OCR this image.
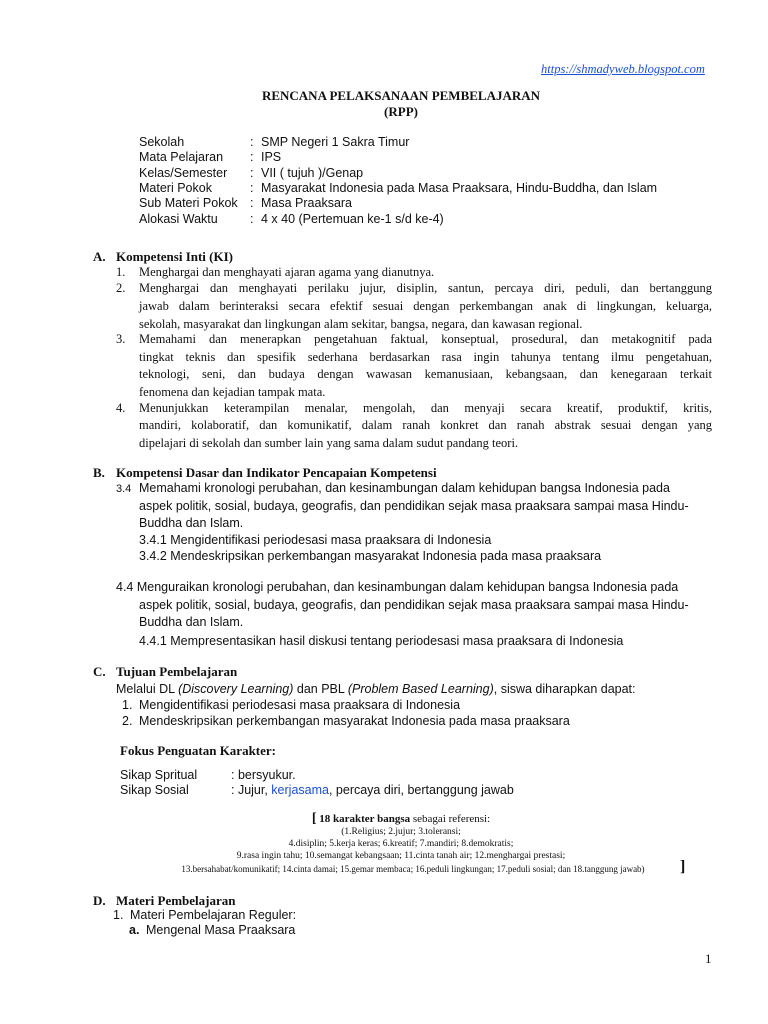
https://shmadyweb.blogspot.com
RENCANA PELAKSANAAN PEMBELAJARAN
(RPP)
Sekolah	: SMP Negeri 1 Sakra Timur
Mata Pelajaran : IPS
Kelas/Semester : VII ( tujuh )/Genap
Materi Pokok	: Masyarakat Indonesia pada Masa Praaksara, Hindu-Buddha, dan Islam
Sub Materi Pokok : Masa Praaksara
Alokasi Waktu	: 4 x 40 (Pertemuan ke-1 s/d ke-4)
A. Kompetensi Inti (KI)
1. Menghargai dan menghayati ajaran agama yang dianutnya.
2. Menghargai dan menghayati perilaku jujur, disiplin, santun, percaya diri, peduli, dan bertanggung
jawab dalam berinteraksi secara efektif sesuai dengan perkembangan anak di lingkungan, keluarga,
sekolah, masyarakat dan lingkungan alam sekitar, bangsa, negara, dan kawasan regional.
3. Memahami dan menerapkan pengetahuan faktual, konseptual, prosedural, dan metakognitif pada
tingkat teknis dan spesifik sederhana berdasarkan rasa ingin tahunya tentang ilmu pengetahuan,
teknologi, seni, dan budaya dengan wawasan kemanusiaan, kebangsaan, dan kenegaraan terkait
fenomena dan kejadian tampak mata.
4. Menunjukkan keterampilan menalar, mengolah, dan menyaji secara kreatif, produktif, kritis,
mandiri, kolaboratif, dan komunikatif, dalam ranah konkret dan ranah abstrak sesuai dengan yang
dipelajari di sekolah dan sumber lain yang sama dalam sudut pandang teori.
B. Kompetensi Dasar dan Indikator Pencapaian Kompetensi
3.4 Memahami kronologi perubahan, dan kesinambungan dalam kehidupan bangsa Indonesia pada
aspek politik, sosial, budaya, geografis, dan pendidikan sejak masa praaksara sampai masa Hindu-
Buddha dan Islam.
3.4.1 Mengidentifikasi periodesasi masa praaksara di Indonesia
3.4.2 Mendeskripsikan perkembangan masyarakat Indonesia pada masa praaksara
4.4 Menguraikan kronologi perubahan, dan kesinambungan dalam kehidupan bangsa Indonesia pada
aspek politik, sosial, budaya, geografis, dan pendidikan sejak masa praaksara sampai masa Hindu-
Buddha dan Islam.
4.4.1 Mempresentasikan hasil diskusi tentang periodesasi masa praaksara di Indonesia
C. Tujuan Pembelajaran
Melalui DL (Discovery Learning) dan PBL (Problem Based Learning), siswa diharapkan dapat:
1. Mengidentifikasi periodesasi masa praaksara di Indonesia
2. Mendeskripsikan perkembangan masyarakat Indonesia pada masa praaksara
Fokus Penguatan Karakter:
Sikap Spritual	: bersyukur.
Sikap Sosial	: Jujur, kerjasama, percaya diri, bertanggung jawab
[ 18 karakter bangsa sebagai referensi:
(1.Religius; 2.jujur; 3.toleransi;
4.disiplin; 5.kerja keras; 6.kreatif; 7.mandiri; 8.demokratis;
9.rasa ingin tahu; 10.semangat kebangsaan; 11.cinta tanah air; 12.menghargai prestasi;
13.bersahabat/komunikatif; 14.cinta damai; 15.gemar membaca; 16.peduli lingkungan; 17.peduli sosial; dan 18.tanggung jawab)	]
D. Materi Pembelajaran
1. Materi Pembelajaran Reguler:
a. Mengenal Masa Praaksara
1
